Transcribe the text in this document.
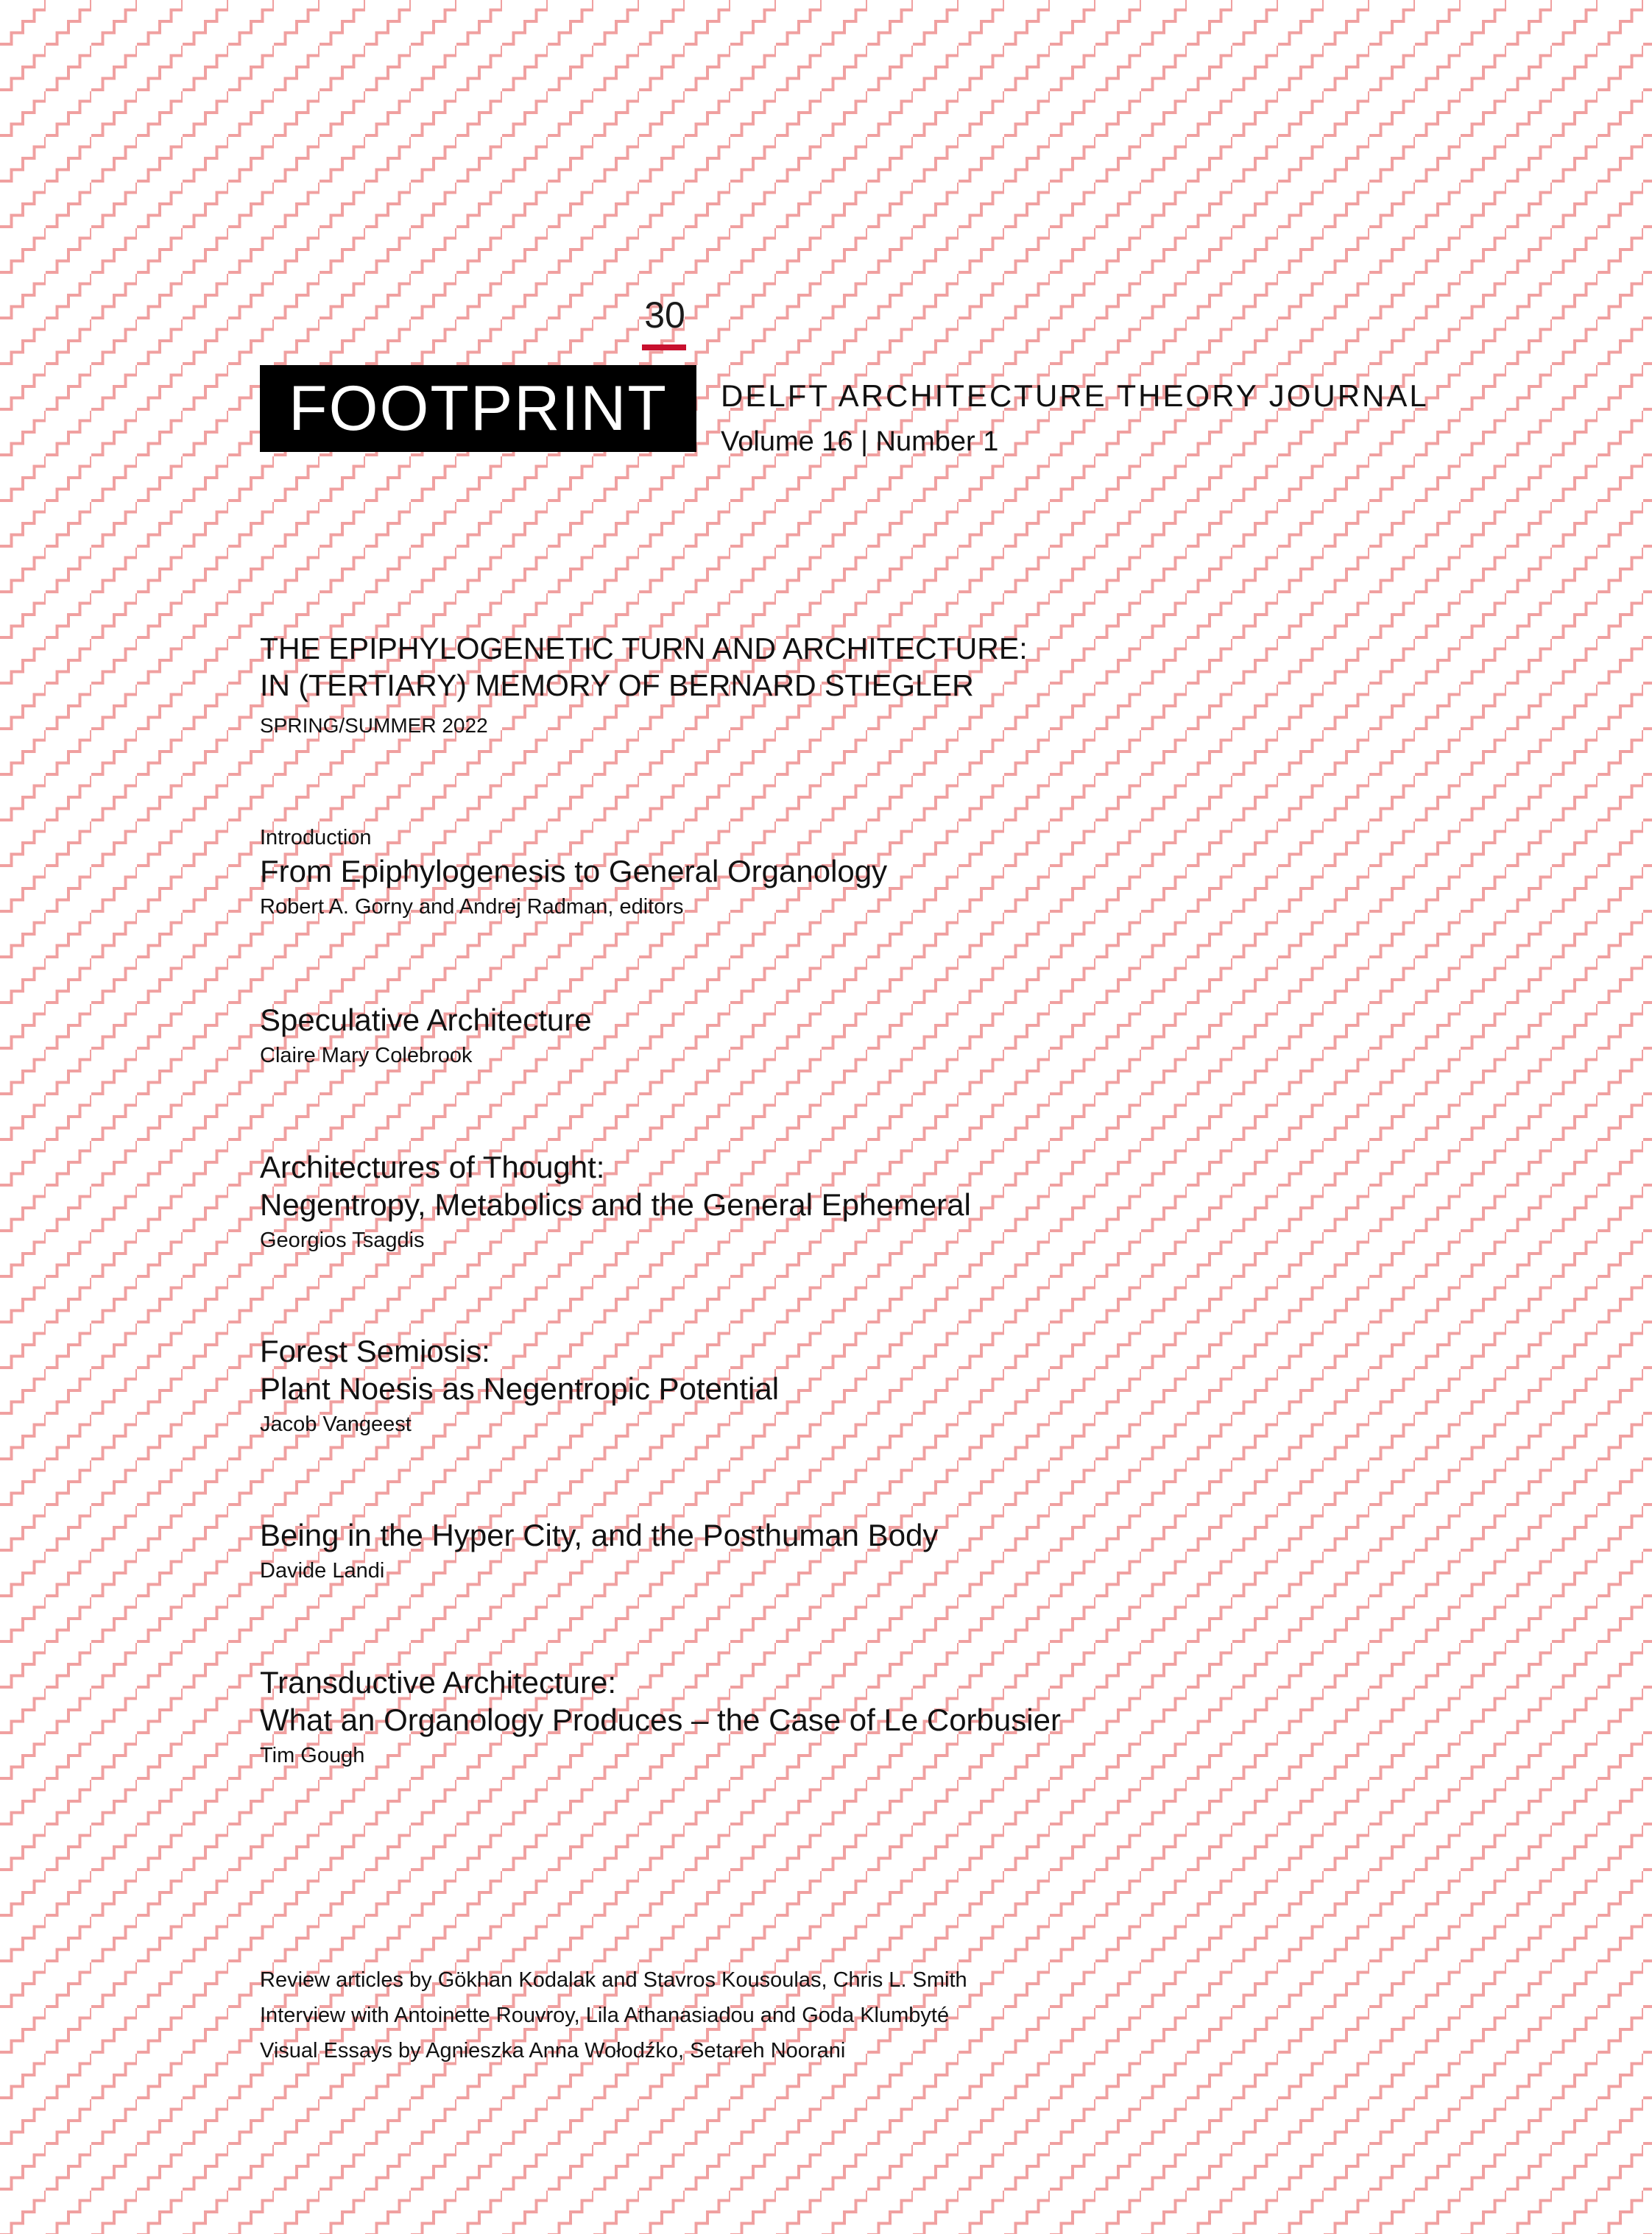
30
FOOTPRINT	DELFT ARCHITECTURE THEORY JOURNAL
Volume 16 | Number 1
THE EPIPHYLOGENETIC TURN AND ARCHITECTURE:
IN (TERTIARY) MEMORY OF BERNARD STIEGLER
SPRING/SUMMER 2022
Introduction
From Epiphylogenesis to General Organology
Robert A. Gorny and Andrej Radman, editors
Speculative Architecture
Claire Mary Colebrook
Architectures of Thought:
Negentropy, Metabolics and the General Ephemeral
Georgios Tsagdis
Forest Semiosis:
Plant Noesis as Negentropic Potential
Jacob Vangeest
Being in the Hyper City, and the Posthuman Body
Davide Landi
Transductive Architecture:
What an Organology Produces – the Case of Le Corbusier
Tim Gough
Review articles by Gökhan Kodalak and Stavros Kousoulas, Chris L. Smith
Interview with Antoinette Rouvroy, Lila Athanasiadou and Goda Klumbyté
Visual Essays by Agnieszka Anna Wołodźko, Setareh Noorani
